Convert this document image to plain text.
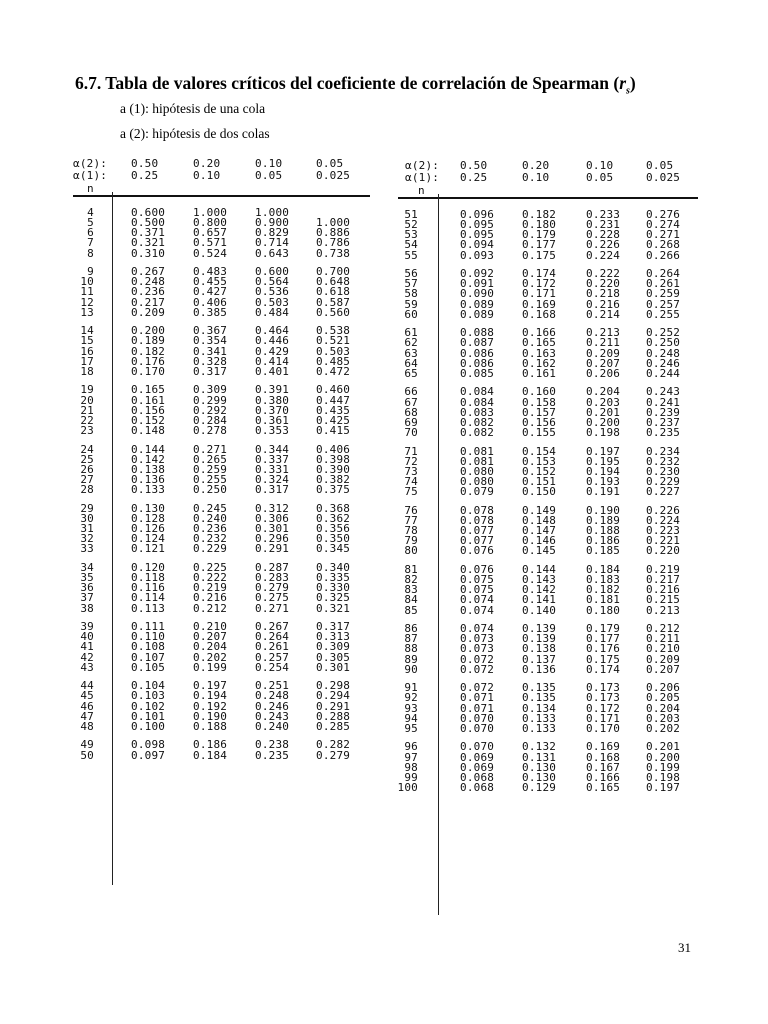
6.7. Tabla de valores críticos del coeficiente de correlación de Spearman $(r_s)$
a (1): hipótesis de una cola
a (2): hipótesis de dos colas
α(2):
α(1):
0.50	0.20	0.10	0.05
0.25	0.10	0.05	0.025
n
4	0.600	1.000	1.000
5	0.500	0.800	0.900 1.000
6	0.371	0.657	0.829 0.886
7	0.321	0.571	0.714 0.786
8	0.310	0.524	0.643 0.738
9	0.267	0.483	0.600 0.700
10	0.248	0.455	0.564 0.648
11	0.236	0.427	0.536 0.618
12	0.217	0.406	0.503 0.587
13	0.209	0.385	0.484 0.560
14	0.200	0.367	0.464 0.538
15	0.189	0.354	0.446 0.521
16	0.182	0.341	0.429 0.503
17	0.176	0.328	0.414 0.485
18	0.170	0.317	0.401 0.472
19	0.165	0.309	0.391 0.460
20	0.161	0.299	0.380 0.447
21	0.156	0.292	0.370 0.435
22	0.152	0.284	0.361 0.425
23	0.148	0.278	0.353 0.415
24	0.144	0.271	0.344 0.406
25	0.142	0.265	0.337 0.398
26	0.138	0.259	0.331 0.390
27	0.136	0.255	0.324 0.382
28	0.133	0.250	0.317 0.375
29	0.130	0.245	0.312 0.368
30	0.128	0.240	0.306 0.362
31	0.126	0.236	0.301 0.356
32	0.124	0.232	0.296 0.350
33	0.121	0.229	0.291 0.345
34	0.120	0.225	0.287 0.340
35	0.118	0.222	0.283 0.335
36	0.116	0.219	0.279 0.330
37	0.114	0.216	0.275 0.325
38	0.113	0.212	0.271 0.321
39	0.111	0.210	0.267 0.317
40	0.110	0.207	0.264 0.313
41	0.108	0.204	0.261 0.309
42	0.107	0.202	0.257 0.305
43	0.105	0.199	0.254 0.301
44	0.104	0.197	0.251 0.298
45	0.103	0.194	0.248 0.294
46	0.102	0.192	0.246 0.291
47	0.101	0.190	0.243 0.288
48	0.100	0.188	0.240 0.285
49	0.098	0.186	0.238 0.282
50	0.097	0.184	0.235 0.279
α(2):
α(1):
0.50	0.20	0.10	0.05
0.25	0.10	0.05	0.025
n
51	0.096	0.182	0.233 0.276
52	0.095	0.180	0.231 0.274
53	0.095	0.179	0.228 0.271
54	0.094	0.177	0.226 0.268
55	0.093	0.175	0.224 0.266
56	0.092	0.174	0.222 0.264
57	0.091	0.172	0.220 0.261
58	0.090	0.171	0.218 0.259
59	0.089	0.169	0.216 0.257
60	0.089	0.168	0.214 0.255
61	0.088	0.166	0.213 0.252
62	0.087	0.165	0.211 0.250
63	0.086	0.163	0.209 0.248
64	0.086	0.162	0.207 0.246
65	0.085	0.161	0.206 0.244
66	0.084	0.160	0.204 0.243
67	0.084	0.158	0.203 0.241
68	0.083	0.157	0.201 0.239
69	0.082	0.156	0.200 0.237
70	0.082	0.155	0.198 0.235
71	0.081	0.154	0.197 0.234
72	0.081	0.153	0.195 0.232
73	0.080	0.152	0.194 0.230
74	0.080	0.151	0.193 0.229
75	0.079	0.150	0.191 0.227
76	0.078	0.149	0.190 0.226
77	0.078	0.148	0.189 0.224
78	0.077	0.147	0.188 0.223
79	0.077	0.146	0.186 0.221
80	0.076	0.145	0.185 0.220
81	0.076	0.144	0.184 0.219
82	0.075	0.143	0.183 0.217
83	0.075	0.142	0.182 0.216
84	0.074	0.141	0.181 0.215
85	0.074	0.140	0.180 0.213
86	0.074	0.139	0.179 0.212
87	0.073	0.139	0.177 0.211
88	0.073	0.138	0.176 0.210
89	0.072	0.137	0.175 0.209
90	0.072	0.136	0.174 0.207
91	0.072	0.135	0.173 0.206
92	0.071	0.135	0.173 0.205
93	0.071	0.134	0.172 0.204
94	0.070	0.133	0.171 0.203
95	0.070	0.133	0.170 0.202
96	0.070	0.132	0.169 0.201
97	0.069	0.131	0.168 0.200
98	0.069	0.130	0.167 0.199
99	0.068	0.130	0.166 0.198
100	0.068	0.129	0.165 0.197
31
